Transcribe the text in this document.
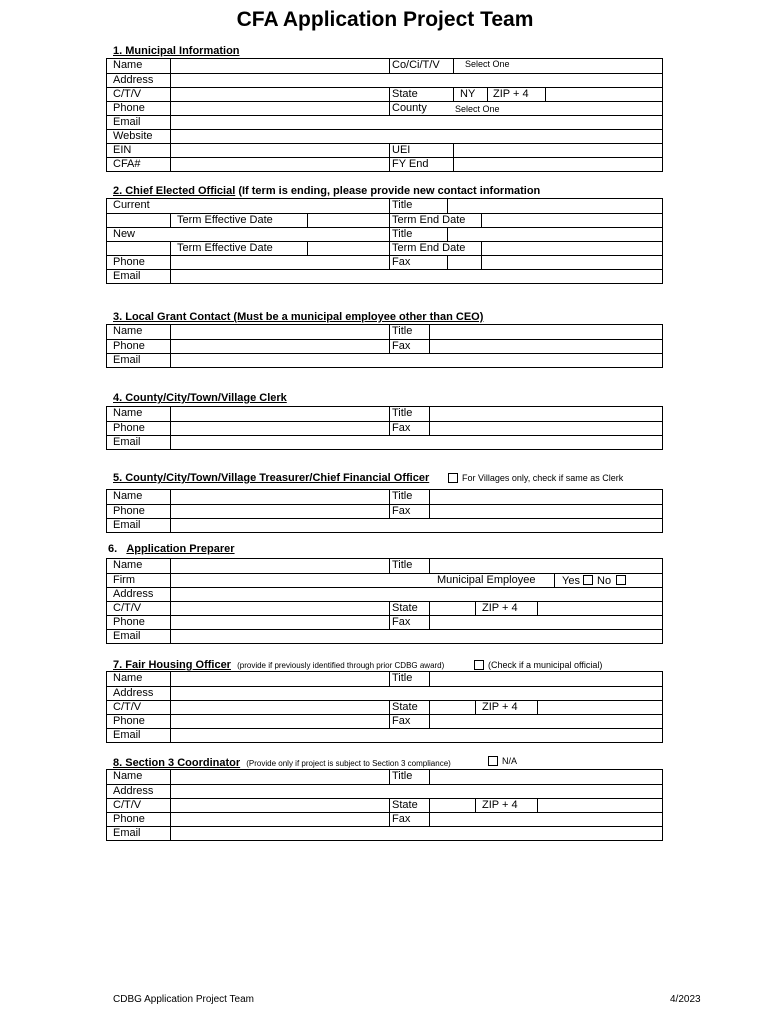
CFA Application Project Team
1. Municipal Information
Name	Co/Ci/T/V	Select One
Address
C/T/V	State	NY ZIP + 4
Phone	County	Select One
Email
Website
EIN	UEI
CFA#	FY End
2. Chief Elected Official (If term is ending, please provide new contact information
Current	Title
Term Effective Date	Term End Date
New	Title
Term Effective Date	Term End Date
Phone	Fax
Email
3. Local Grant Contact (Must be a municipal employee other than CEO)
Name	Title
Phone	Fax
Email
4. County/City/Town/Village Clerk
Name	Title
Phone	Fax
Email
5. County/City/Town/Village Treasurer/Chief Financial Officer	For Villages only, check if same as Clerk
Name	Title
Phone	Fax
Email
6. Application Preparer
Name	Title
Firm	Municipal Employee Yes No
Address
C/T/V	State	ZIP + 4
Phone	Fax
Email
7. Fair Housing Officer (provide if previously identified through prior CDBG award)	(Check if a municipal official)
Name	Title
Address
C/T/V	State	ZIP + 4
Phone	Fax
Email
8. Section 3 Coordinator (Provide only if project is subject to Section 3 compliance)	N/A
Name	Title
Address
C/T/V	State	ZIP + 4
Phone	Fax
Email
CDBG Application Project Team	4/2023
